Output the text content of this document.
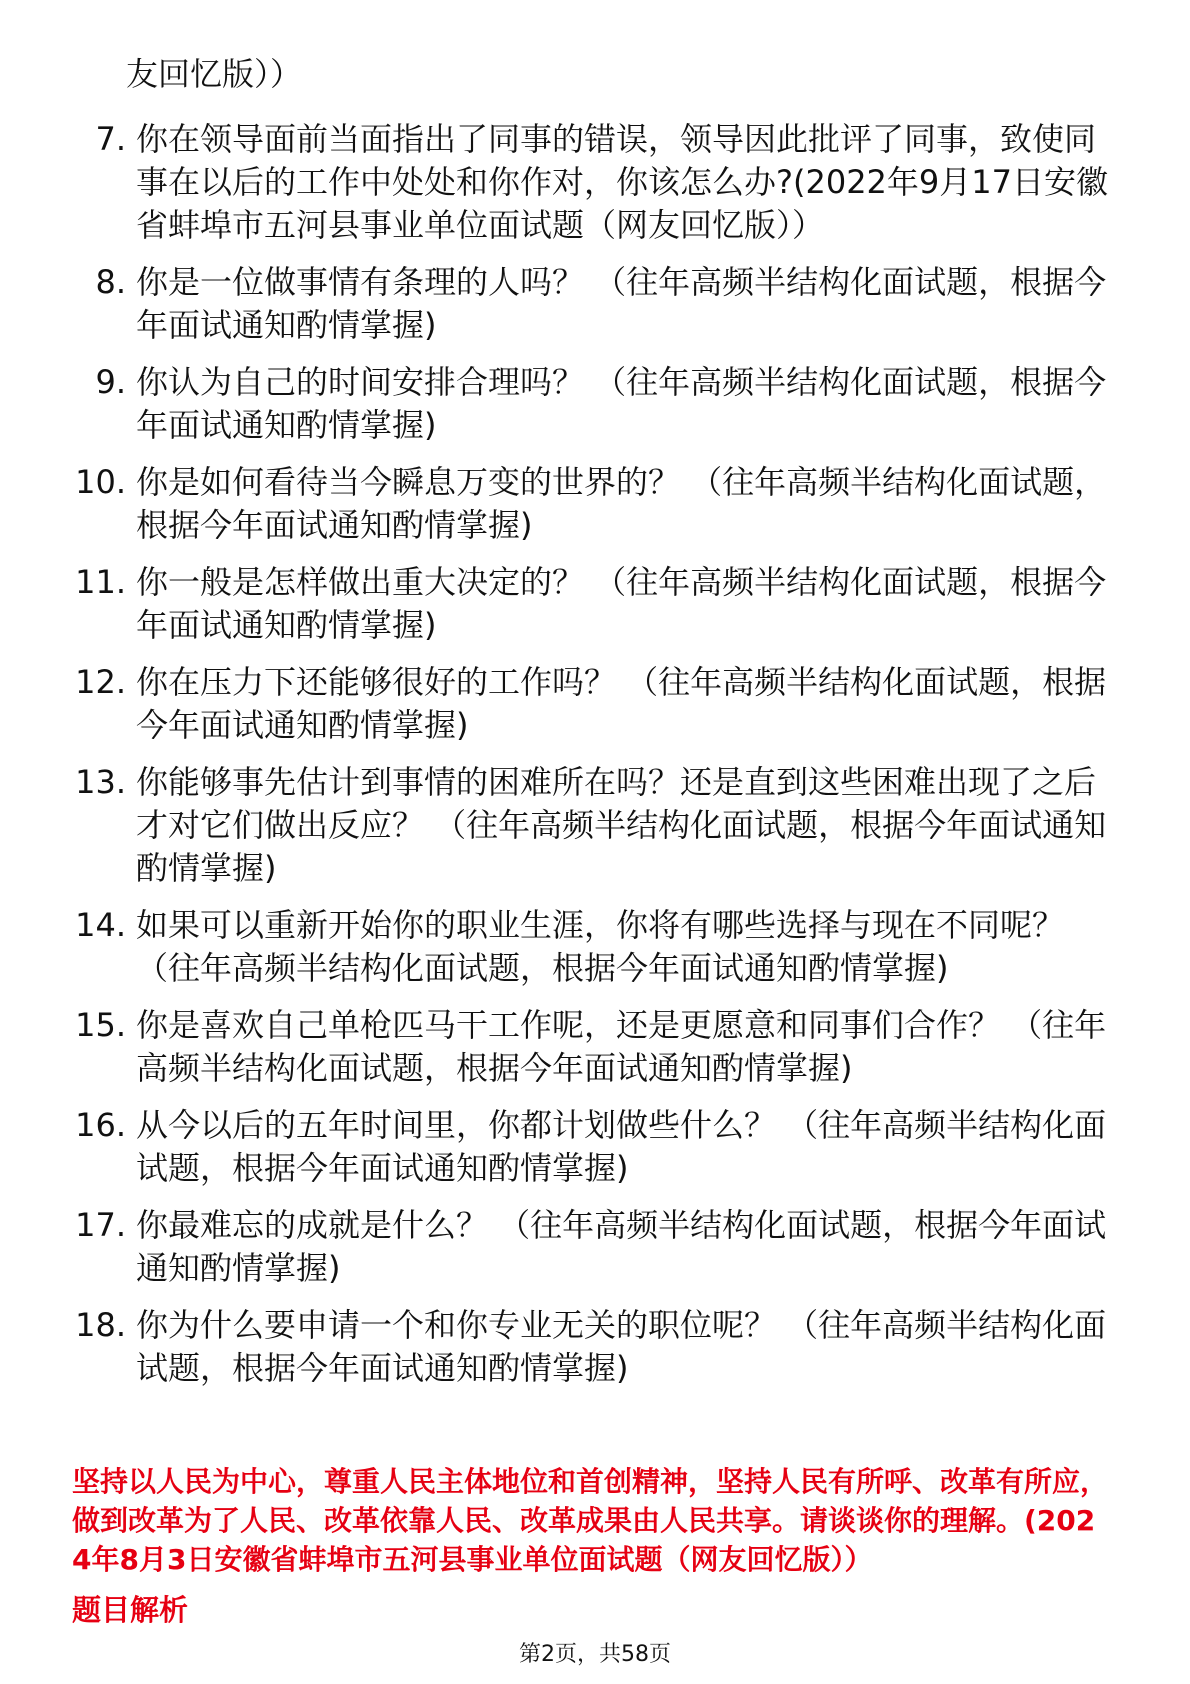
友回忆版））
7. 你在领导面前当面指出了同事的错误，领导因此批评了同事，致使同事在以后的工作中处处和你作对，你该怎么办?(2022年9月17日安徽省蚌埠市五河县事业单位面试题（网友回忆版））
8. 你是一位做事情有条理的人吗？ （往年高频半结构化面试题，根据今年面试通知酌情掌握)
9. 你认为自己的时间安排合理吗？ （往年高频半结构化面试题，根据今年面试通知酌情掌握)
10. 你是如何看待当今瞬息万变的世界的？ （往年高频半结构化面试题，根据今年面试通知酌情掌握)
11. 你一般是怎样做出重大决定的？ （往年高频半结构化面试题，根据今年面试通知酌情掌握)
12. 你在压力下还能够很好的工作吗？ （往年高频半结构化面试题，根据今年面试通知酌情掌握)
13. 你能够事先估计到事情的困难所在吗？还是直到这些困难出现了之后才对它们做出反应？ （往年高频半结构化面试题，根据今年面试通知酌情掌握)
14. 如果可以重新开始你的职业生涯，你将有哪些选择与现在不同呢？ （往年高频半结构化面试题，根据今年面试通知酌情掌握)
15. 你是喜欢自己单枪匹马干工作呢，还是更愿意和同事们合作？ （往年高频半结构化面试题，根据今年面试通知酌情掌握)
16. 从今以后的五年时间里，你都计划做些什么？ （往年高频半结构化面试题，根据今年面试通知酌情掌握)
17. 你最难忘的成就是什么？ （往年高频半结构化面试题，根据今年面试通知酌情掌握)
18. 你为什么要申请一个和你专业无关的职位呢？ （往年高频半结构化面试题，根据今年面试通知酌情掌握)
坚持以人民为中心，尊重人民主体地位和首创精神，坚持人民有所呼、改革有所应，做到改革为了人民、改革依靠人民、改革成果由人民共享。请谈谈你的理解。(2024年8月3日安徽省蚌埠市五河县事业单位面试题（网友回忆版））
题目解析
第2页，共58页
